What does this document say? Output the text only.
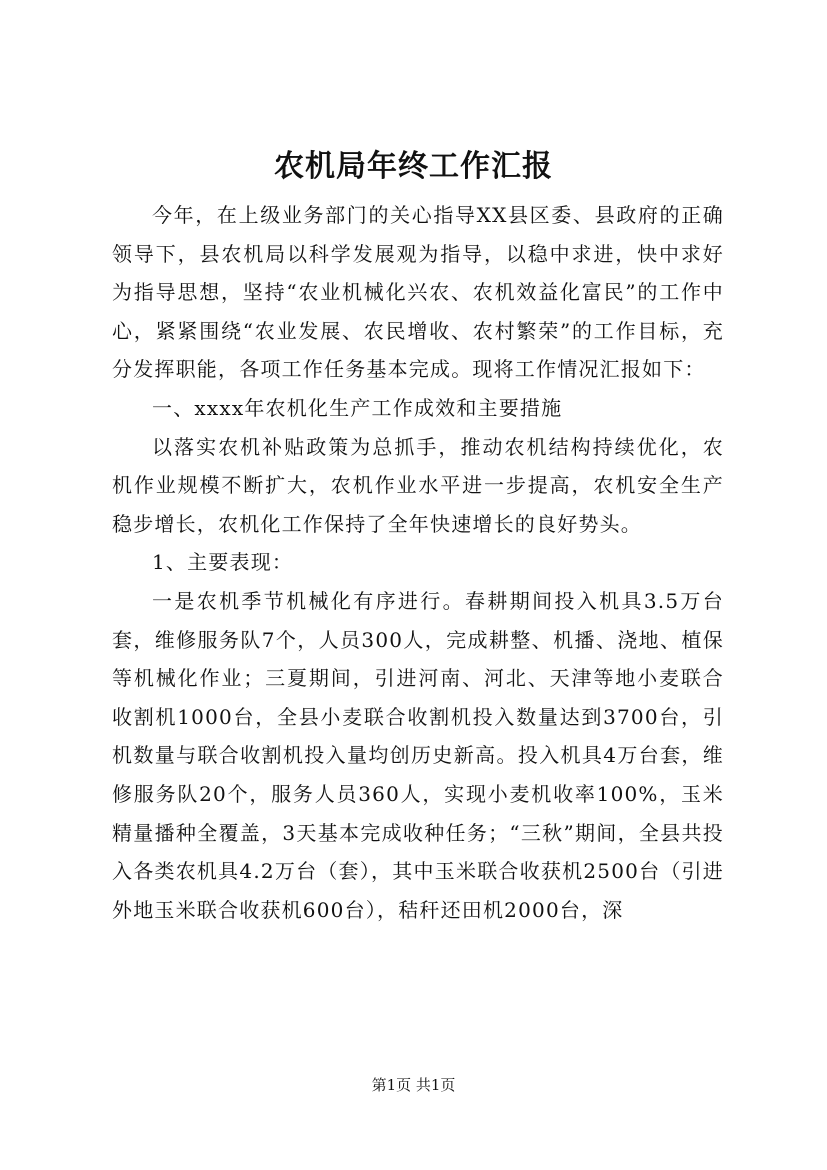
农机局年终工作汇报

今年，在上级业务部门的关心指导XX县区委、县政府的正确领导下，县农机局以科学发展观为指导，以稳中求进，快中求好为指导思想，坚持“农业机械化兴农、农机效益化富民”的工作中心，紧紧围绕“农业发展、农民增收、农村繁荣”的工作目标，充分发挥职能，各项工作任务基本完成。现将工作情况汇报如下：

一、xxxx年农机化生产工作成效和主要措施

以落实农机补贴政策为总抓手，推动农机结构持续优化，农机作业规模不断扩大，农机作业水平进一步提高，农机安全生产稳步增长，农机化工作保持了全年快速增长的良好势头。

1、主要表现：

一是农机季节机械化有序进行。春耕期间投入机具3.5万台套，维修服务队7个，人员300人，完成耕整、机播、浇地、植保等机械化作业；三夏期间，引进河南、河北、天津等地小麦联合收割机1000台，全县小麦联合收割机投入数量达到3700台，引机数量与联合收割机投入量均创历史新高。投入机具4万台套，维修服务队20个，服务人员360人，实现小麦机收率100%，玉米精量播种全覆盖，3天基本完成收种任务；“三秋”期间，全县共投入各类农机具4.2万台（套），其中玉米联合收获机2500台（引进外地玉米联合收获机600台），秸秆还田机2000台，深

第1页 共1页
